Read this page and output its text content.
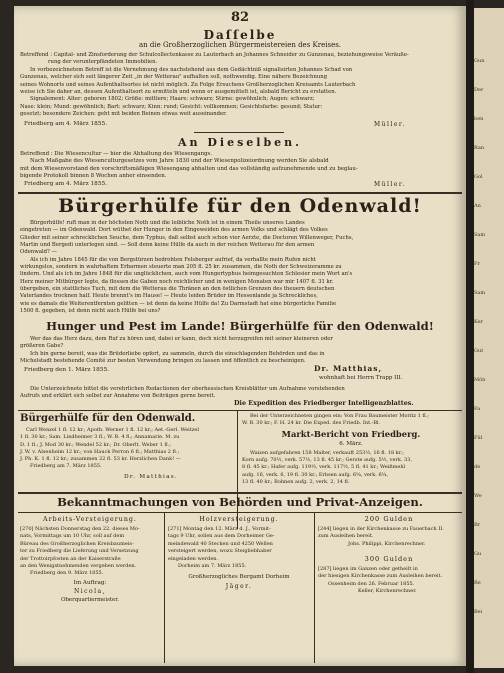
Gun
Der
ben
Ran
Gol
An
Sam
Fr
Sam
Ker
Gut
Mön
Fa
Fül
de
We
Br
Gu
Re
Bei
82
Daſſelbe
an die Großherzoglichen Bürgermeistereien des Kreises.
Betreffend : Capital- und Zinsforderung der Schulcollectenkasse zu Lauterbach an Johannes Schneider zu Gunzenau, beziehungsweise Veräuße-
rung der verunterpfändeten Immobilien.
In vorbezeichnetem Betreff ist die Vernehmung des nachstehend aus dem Gedächtniß signalisirten Johannes Schad von
Gunzenau, welcher sich seit längerer Zeit „in der Wetterau" aufhalten soll, nothwendig. Eine nähere Bezeichnung
seines Wohnorts und seines Aufenthaltsortes ist nicht möglich. Zu Folge Ersuchens Großherzoglichen Kreisamts Lauterbach
weise ich Sie daher an, dessen Aufenthaltsort zu ermitteln und wenn er ausgemittelt ist, alsbald Bericht zu erstatten.
Signalement: Alter: geboren 1802; Größe: mittlere; Haare: schwarz; Stirne: gewöhnlich; Augen: schwarz;
Nase: klein; Mund: gewöhnlich; Bart: schwarz; Kinn: rund; Gesicht: vollkommen; Gesichtsfarbe: gesund; Statur:
gesetzt; besondere Zeichen: geht mit beiden Beinen etwas weit auseinander.
Friedberg am 4. März 1855.	Müller.
An Dieselben.
Betreffend : Die Wiesencultur — hier die Abhaltung des Wiesengangs.
Nach Maßgabe des Wiesenculturgesetzes vom Jahre 1830 und der Wiesenpolizeiordnung werden Sie alsbald
mit dem Wiesenvorstand den vorschriftsmäßigen Wiesengang abhalten und das vollständig aufzunehmende und zu beglau-
bigende Protokoll binnen 8 Wochen anher einsenden.
Friedberg am 4. März 1855.	Müller.
Bürgerhülfe für den Odenwald!
Bürgerhülfe! ruft man in der höchsten Noth und die leibliche Noth ist in einem Theile unseres Landes
eingetreten — im Odenwald. Dort wüthet der Hunger in den Eingeweiden des armen Volks und schlägt des Volkes
Glieder mit seiner schrecklichen Seuche, dem Typhus, daß selbst auch schon vier Aerzte, die Doctoren Willenweger, Fuchs,
Martin und Bergedi unterlegen sind. — Soll denn keine Hülfe da auch in der reichen Wetterau für den armen
Odenwald? —
Als ich im Jahre 1845 für die von Bergstürzen bedrohten Felsberger aufrief, da verhallte mein Rufen nicht
wirkungslos, sondern in wahrhaftem Erbarmen steuerte man 205 fl. 25 kr. zusammen, die Noth der Schweizeramme zu
lindern. Und als ich im Jahre 1848 für die unglücklichen, auch vom Hungertyphus heimgesuchten Schlesier mein Wort an's
Herz meiner Mitbürger legte, da flossen die Gaben noch reichlicher und in wenigen Monaten war mir 1407 fl. 31 kr.
übergeben, ein stattliches Tuch, mit dem die Wetterau die Thränen an den östlichen Grenzen des theuern deutschen
Vaterlandes trocknen half. Heute brennt's im Hause! — Heute leiden Brüder im Hessenlande ja Schreckliches,
wie es damals die Weiterentfernten gelitten — ist denn da keine Hülfe da! Zu Darmstadt hat eine bürgerliche Familie
1500 fl. gegeben, ist denn nicht auch Hülfe bei uns?
Hunger und Pest im Lande! Bürgerhülfe für den Odenwald!
Wer das das Herz dazu, dem Ruf zu hören und, dabei er kann, doch nicht herzugreifen mit seiner kleineren oder
größeren Gabe?
Ich bin gerne bereit, was die Brüderliebe opfert, zu sammeln, durch die einschlagenden Behörden und das in
Michelstadt bestehende Comité zur besten Verwendung bringen zu lassen und öffentlich zu bescheinigen.
Friedberg den 1. März 1855.	Dr. Matthias,
wohnhaft bei Herrn Trapp III.
Die Unterzeichnete bittet die verehrlichen Redactionen der oberhessischen Kreisblätter um Aufnahme vorstehenden
Aufrufs und erklärt sich selbst zur Annahme von Beiträgen gerne bereit.
Die Expedition des Friedberger Intelligenzblattes.
Bürgerhülfe für den Odenwald.
Carl Wenzel 1 fl. 12 kr.; Apoth. Werner 1 fl. 12 kr.; Aet.-Gerl. Weitzel
1 fl. 30 kr.; Sam. Lindheimer 3 fl.; W. B. 4 fl.; Annamarie. M. zu
D. 1 fl.; J. Mod 30 kr.; Wendel 52 kr.; Dr. Oberlt. Weber 1 fl.;
J. W. v. Alsenheim 12 kr.; von Hauck Perron 6 fl.; Matthias 2 fl.;
J. Ph. K. 1 fl. 12 kr.; zusammen 22 fl. 53 kr. Herzlichen Dank! —
Friedberg am 7. März 1855.
Dr. Matthias.
Bei der Unterzeichneten gingen ein: Von Frau Baumeister Moritz 1 fl.;
W. B. 30 kr.; F. H. 24 kr. Die Exped. des Friedb. Int.-Bl.
Markt-Bericht von Friedberg.
6. März.
Waizen aufgefahren 158 Malter, verkauft 253½, 16 fl. 18 kr.;
Korn aufg. 70½, verk. 57½, 13 fl. 45 kr.; Gerste aufg. 5½, verk. 33,
8 fl. 45 kr.; Hafer aufg. 119½, verk. 117½, 5 fl. 41 kr.; Weißmehl
aufg. 16, verk. 6, 19 fl. 30 kr.; Erbsen aufg. 6¼, verk. 6¼,
13 fl. 40 kr.; Bohnen aufg. 2, verk. 2, 14 fl.
Bekanntmachungen von Behörden und Privat-Anzeigen.
Arbeits-Versteigerung.
[270] Nächsten Donnerstag den 22. dieses Mo-
nats, Vormittags um 10 Uhr, soll auf dem
Büreau des Großherzoglichen Kreisbaumeis-
ter zu Friedberg die Lieferung und Versetzung
der Trottoirpfosten an der Kaiserstraße
an den Wenigstnehmenden vergeben werden.
Friedberg den 9. März 1855.
Im Auftrag:
Nicola,
Oberquartiermeister.
Holzversteigerung.
[271] Montag den 12. März d. J., Vormit-
tags 9 Uhr, sollen aus dem Dorheimer Ge-
meindewald 40 Stecken und 4250 Wellen
versteigert werden, wozu Steigliebhaber
eingeladen werden.
Dorheim am 7. März 1855.
Großherzogliches Bergamt Dorheim
Jäger.
200 Gulden
[244] liegen in der Kirchenkasse zu Fauerbach II.
zum Ausleihen bereit.
Johs. Philippi, Kirchenrechner.
300 Gulden
[287] liegen im Ganzen oder getheilt in
der hiesigen Kirchenkasse zum Ausleihen bereit.
Ossenheim den 26. Februar 1855.
Keller, Kirchenrechner.
